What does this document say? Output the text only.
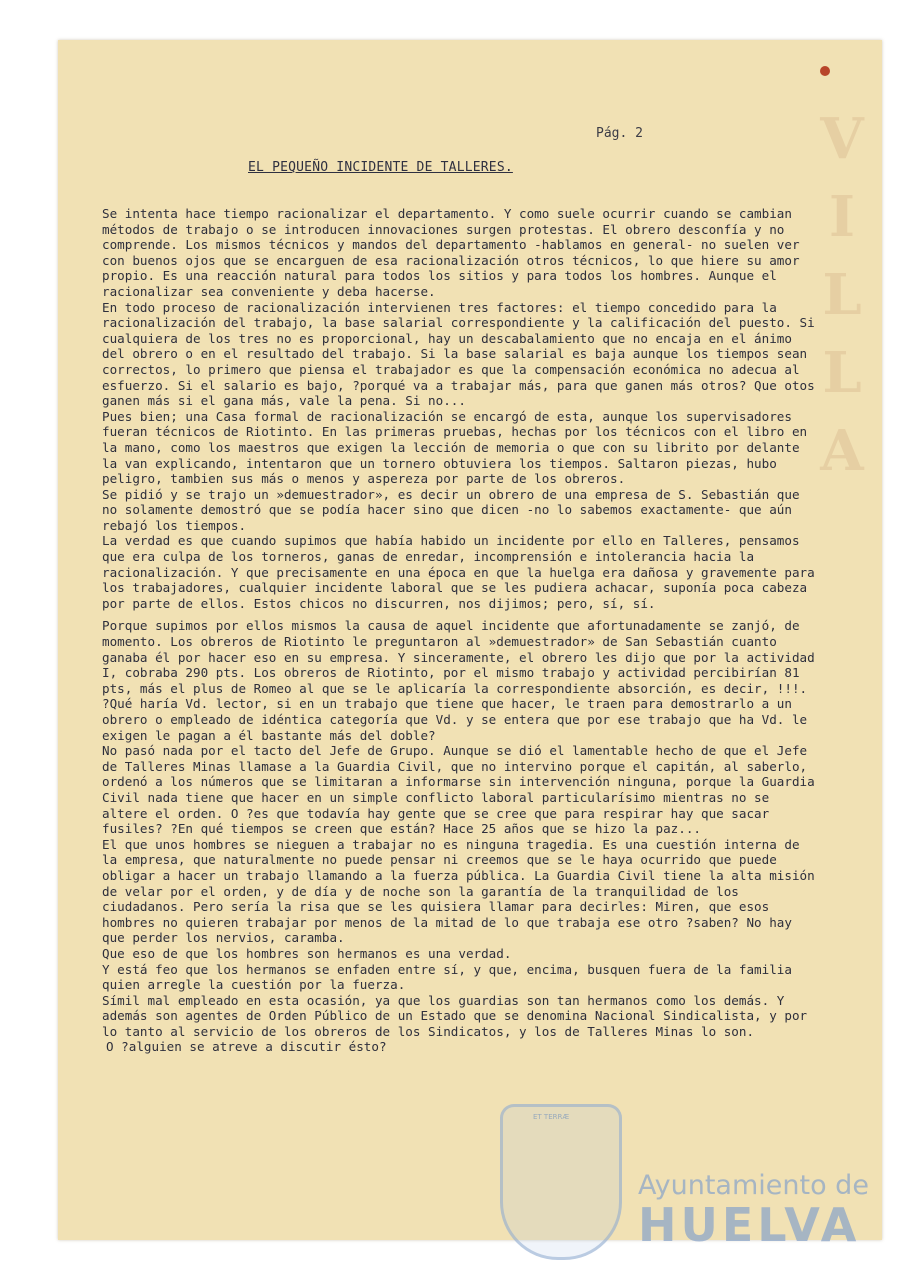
V
I
L
L
A
Pág. 2
EL PEQUEÑO INCIDENTE DE TALLERES.

Se intenta hace tiempo racionalizar el departamento. Y como suele ocurrir cuando se cambian métodos de trabajo o se introducen innovaciones surgen protestas. El obrero desconfía y no comprende. Los mismos técnicos y mandos del departamento -hablamos en general- no suelen ver con buenos ojos que se encarguen de esa racionalización otros técnicos, lo que hiere su amor propio. Es una reacción natural para todos los sitios y para todos los hombres. Aunque el racionalizar sea conveniente y deba hacerse.

En todo proceso de racionalización intervienen tres factores: el tiempo concedido para la racionalización del trabajo, la base salarial correspondiente y la calificación del puesto. Si cualquiera de los tres no es proporcional, hay un descabalamiento que no encaja en el ánimo del obrero o en el resultado del trabajo. Si la base salarial es baja aunque los tiempos sean correctos, lo primero que piensa el trabajador es que la compensación económica no adecua al esfuerzo. Si el salario es bajo, ?porqué va a trabajar más, para que ganen más otros? Que otos ganen más si el gana más, vale la pena. Si no...

Pues bien; una Casa formal de racionalización se encargó de esta, aunque los supervisadores fueran técnicos de Riotinto. En las primeras pruebas, hechas por los técnicos con el libro en la mano, como los maestros que exigen la lección de memoria o que con su librito por delante la van explicando, intentaron que un tornero obtuviera los tiempos. Saltaron piezas, hubo peligro, tambien sus más o menos y aspereza por parte de los obreros.

Se pidió y se trajo un »demuestrador», es decir un obrero de una empresa de S. Sebastián que no solamente demostró que se podía hacer sino que dicen -no lo sabemos exactamente- que aún rebajó los tiempos.

La verdad es que cuando supimos que había habido un incidente por ello en Talleres, pensamos que era culpa de los torneros, ganas de enredar, incomprensión e intolerancia hacia la racionalización. Y que precisamente en una época en que la huelga era dañosa y gravemente para los trabajadores, cualquier incidente laboral que se les pudiera achacar, suponía poca cabeza por parte de ellos. Estos chicos no discurren, nos dijimos; pero, sí, sí.

Porque supimos por ellos mismos la causa de aquel incidente que afortunadamente se zanjó, de momento. Los obreros de Riotinto le preguntaron al »demuestrador» de San Sebastián cuanto ganaba él por hacer eso en su empresa. Y sinceramente, el obrero les dijo que por la actividad I, cobraba 290 pts. Los obreros de Riotinto, por el mismo trabajo y actividad percibirían 81 pts, más el plus de Romeo al que se le aplicaría la correspondiente absorción, es decir, !!!.

?Qué haría Vd. lector, si en un trabajo que tiene que hacer, le traen para demostrarlo a un obrero o empleado de idéntica categoría que Vd. y se entera que por ese trabajo que ha Vd. le exigen le pagan a él bastante más del doble?

No pasó nada por el tacto del Jefe de Grupo. Aunque se dió el lamentable hecho de que el Jefe de Talleres Minas llamase a la Guardia Civil, que no intervino porque el capitán, al saberlo, ordenó a los números que se limitaran a informarse sin intervención ninguna, porque la Guardia Civil nada tiene que hacer en un simple conflicto laboral particularísimo mientras no se altere el orden. O ?es que todavía hay gente que se cree que para respirar hay que sacar fusiles? ?En qué tiempos se creen que están? Hace 25 años que se hizo la paz...

El que unos hombres se nieguen a trabajar no es ninguna tragedia. Es una cuestión interna de la empresa, que naturalmente no puede pensar ni creemos que se le haya ocurrido que puede obligar a hacer un trabajo llamando a la fuerza pública. La Guardia Civil tiene la alta misión de velar por el orden, y de día y de noche son la garantía de la tranquilidad de los ciudadanos. Pero sería la risa que se les quisiera llamar para decirles: Miren, que esos hombres no quieren trabajar por menos de la mitad de lo que trabaja ese otro ?saben? No hay que perder los nervios, caramba.

Que eso de que los hombres son hermanos es una verdad.

Y está feo que los hermanos se enfaden entre sí, y que, encima, busquen fuera de la familia quien arregle la cuestión por la fuerza.

Símil mal empleado en esta ocasión, ya que los guardias son tan hermanos como los demás. Y además son agentes de Orden Público de un Estado que se denomina Nacional Sindicalista, y por lo tanto al servicio de los obreros de los Sindicatos, y los de Talleres Minas lo son.

O ?alguien se atreve a discutir ésto?

ET TERRÆ
Ayuntamiento de
HUELVA
